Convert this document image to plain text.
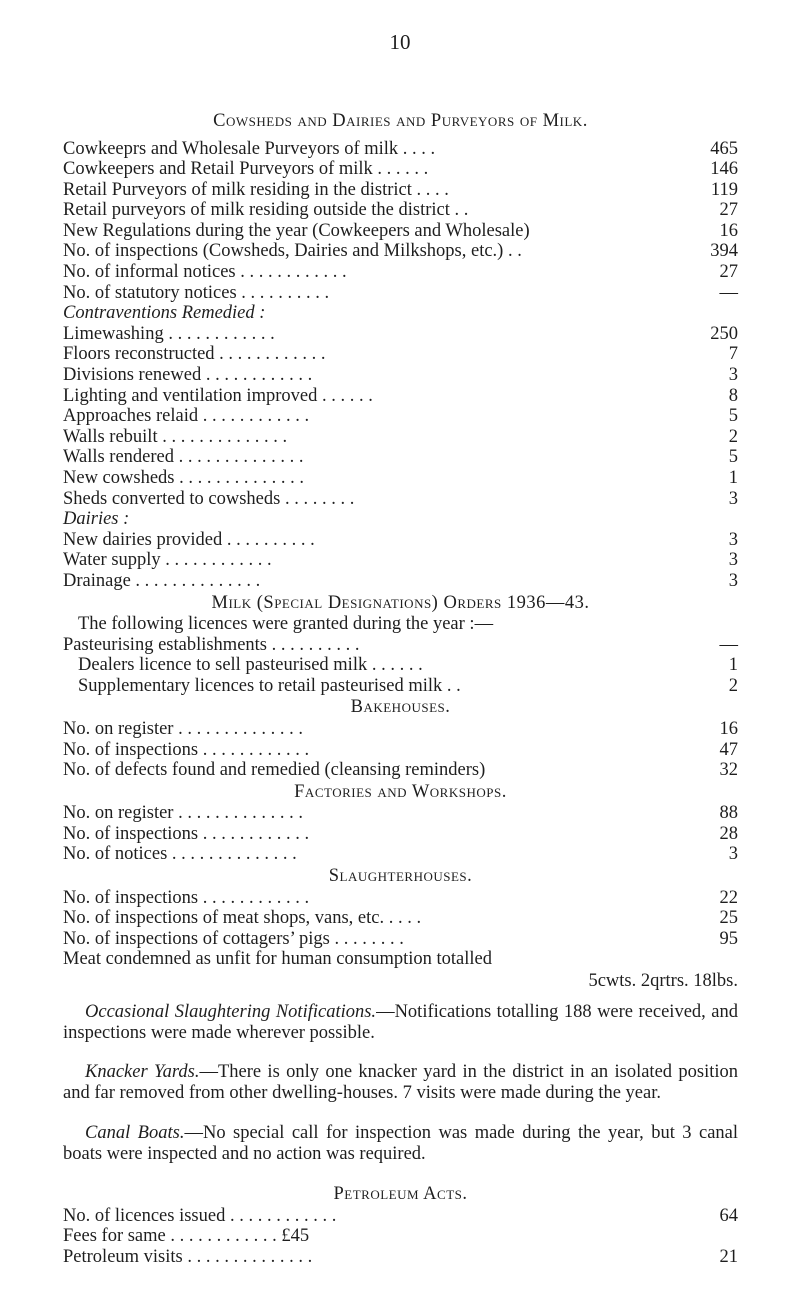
10
Cowsheds and Dairies and Purveyors of Milk.
Cowkeeprs and Wholesale Purveyors of milk . . . .	465
Cowkeepers and Retail Purveyors of milk . . . . . .	146
Retail Purveyors of milk residing in the district . . . .	119
Retail purveyors of milk residing outside the district . .	27
New Regulations during the year (Cowkeepers and Wholesale)	16
No. of inspections (Cowsheds, Dairies and Milkshops, etc.) . .	394
No. of informal notices . . . . . . . . . . . .	27
No. of statutory notices . . . . . . . . . .	—
Contraventions Remedied :
Limewashing . . . . . . . . . . . .	250
Floors reconstructed . . . . . . . . . . . .	7
Divisions renewed . . . . . . . . . . . .	3
Lighting and ventilation improved . . . . . .	8
Approaches relaid . . . . . . . . . . . .	5
Walls rebuilt . . . . . . . . . . . . . .	2
Walls rendered . . . . . . . . . . . . . .	5
New cowsheds . . . . . . . . . . . . . .	1
Sheds converted to cowsheds . . . . . . . .	3
Dairies :
New dairies provided . . . . . . . . . .	3
Water supply . . . . . . . . . . . .	3
Drainage . . . . . . . . . . . . . .	3
Milk (Special Designations) Orders 1936—43.
The following licences were granted during the year :—
Pasteurising establishments . . . . . . . . . .	—
Dealers licence to sell pasteurised milk . . . . . .	1
Supplementary licences to retail pasteurised milk . .	2
Bakehouses.
No. on register . . . . . . . . . . . . . .	16
No. of inspections . . . . . . . . . . . .	47
No. of defects found and remedied (cleansing reminders)	32
Factories and Workshops.
No. on register . . . . . . . . . . . . . .	88
No. of inspections . . . . . . . . . . . .	28
No. of notices . . . . . . . . . . . . . .	3
Slaughterhouses.
No. of inspections . . . . . . . . . . . .	22
No. of inspections of meat shops, vans, etc. . . . .	25
No. of inspections of cottagers’ pigs . . . . . . . .	95
Meat condemned as unfit for human consumption totalled
5cwts. 2qrtrs. 18lbs.

Occasional Slaughtering Notifications.—Notifications totalling 188 were received, and inspections were made wherever possible.

Knacker Yards.—There is only one knacker yard in the district in an isolated position and far removed from other dwelling-houses. 7 visits were made during the year.

Canal Boats.—No special call for inspection was made during the year, but 3 canal boats were inspected and no action was required.

Petroleum Acts.
No. of licences issued . . . . . . . . . . . .	64
Fees for same . . . . . . . . . . . . £45
Petroleum visits . . . . . . . . . . . . . .	21
